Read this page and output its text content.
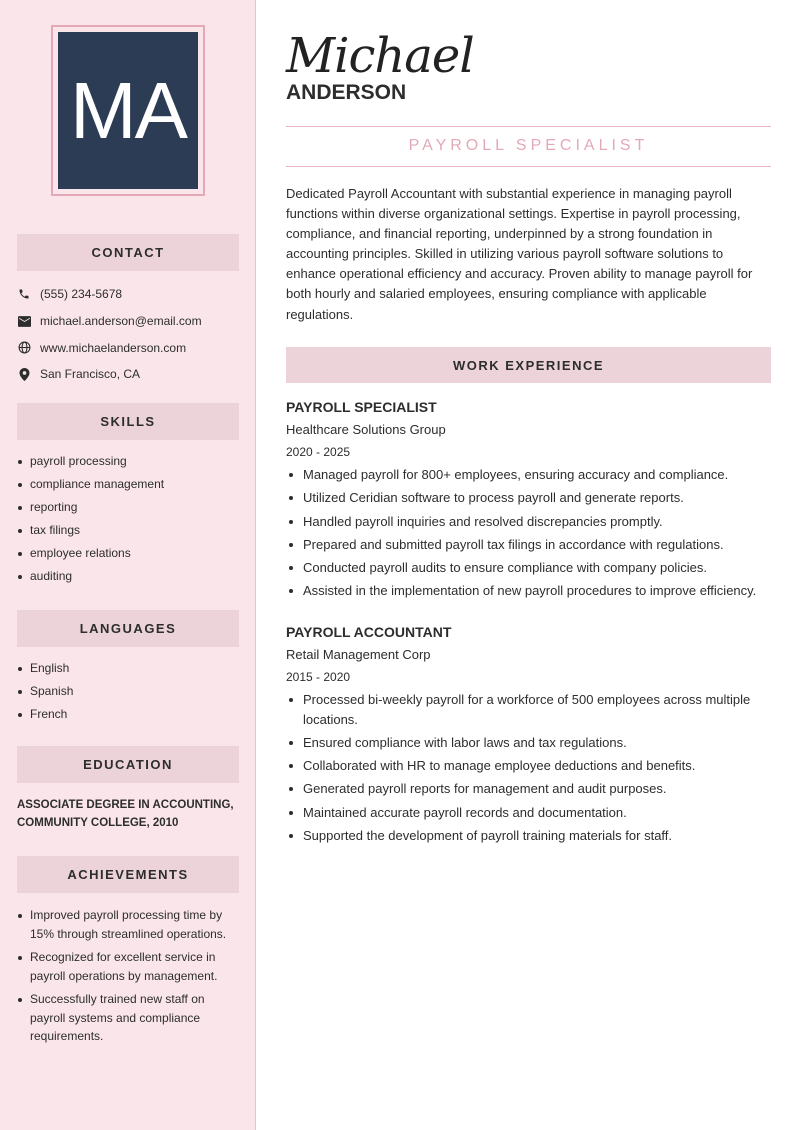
MA
CONTACT
(555) 234-5678
michael.anderson@email.com
www.michaelanderson.com
San Francisco, CA
SKILLS
payroll processing
compliance management
reporting
tax filings
employee relations
auditing
LANGUAGES
English
Spanish
French
EDUCATION
ASSOCIATE DEGREE IN ACCOUNTING, COMMUNITY COLLEGE, 2010
ACHIEVEMENTS
Improved payroll processing time by 15% through streamlined operations.
Recognized for excellent service in payroll operations by management.
Successfully trained new staff on payroll systems and compliance requirements.
Michael
ANDERSON
PAYROLL SPECIALIST

Dedicated Payroll Accountant with substantial experience in managing payroll functions within diverse organizational settings. Expertise in payroll processing, compliance, and financial reporting, underpinned by a strong foundation in accounting principles. Skilled in utilizing various payroll software solutions to enhance operational efficiency and accuracy. Proven ability to manage payroll for both hourly and salaried employees, ensuring compliance with applicable regulations.

WORK EXPERIENCE
PAYROLL SPECIALIST
Healthcare Solutions Group
2020 - 2025
Managed payroll for 800+ employees, ensuring accuracy and compliance.
Utilized Ceridian software to process payroll and generate reports.
Handled payroll inquiries and resolved discrepancies promptly.
Prepared and submitted payroll tax filings in accordance with regulations.
Conducted payroll audits to ensure compliance with company policies.
Assisted in the implementation of new payroll procedures to improve efficiency.
PAYROLL ACCOUNTANT
Retail Management Corp
2015 - 2020
Processed bi-weekly payroll for a workforce of 500 employees across multiple locations.
Ensured compliance with labor laws and tax regulations.
Collaborated with HR to manage employee deductions and benefits.
Generated payroll reports for management and audit purposes.
Maintained accurate payroll records and documentation.
Supported the development of payroll training materials for staff.
